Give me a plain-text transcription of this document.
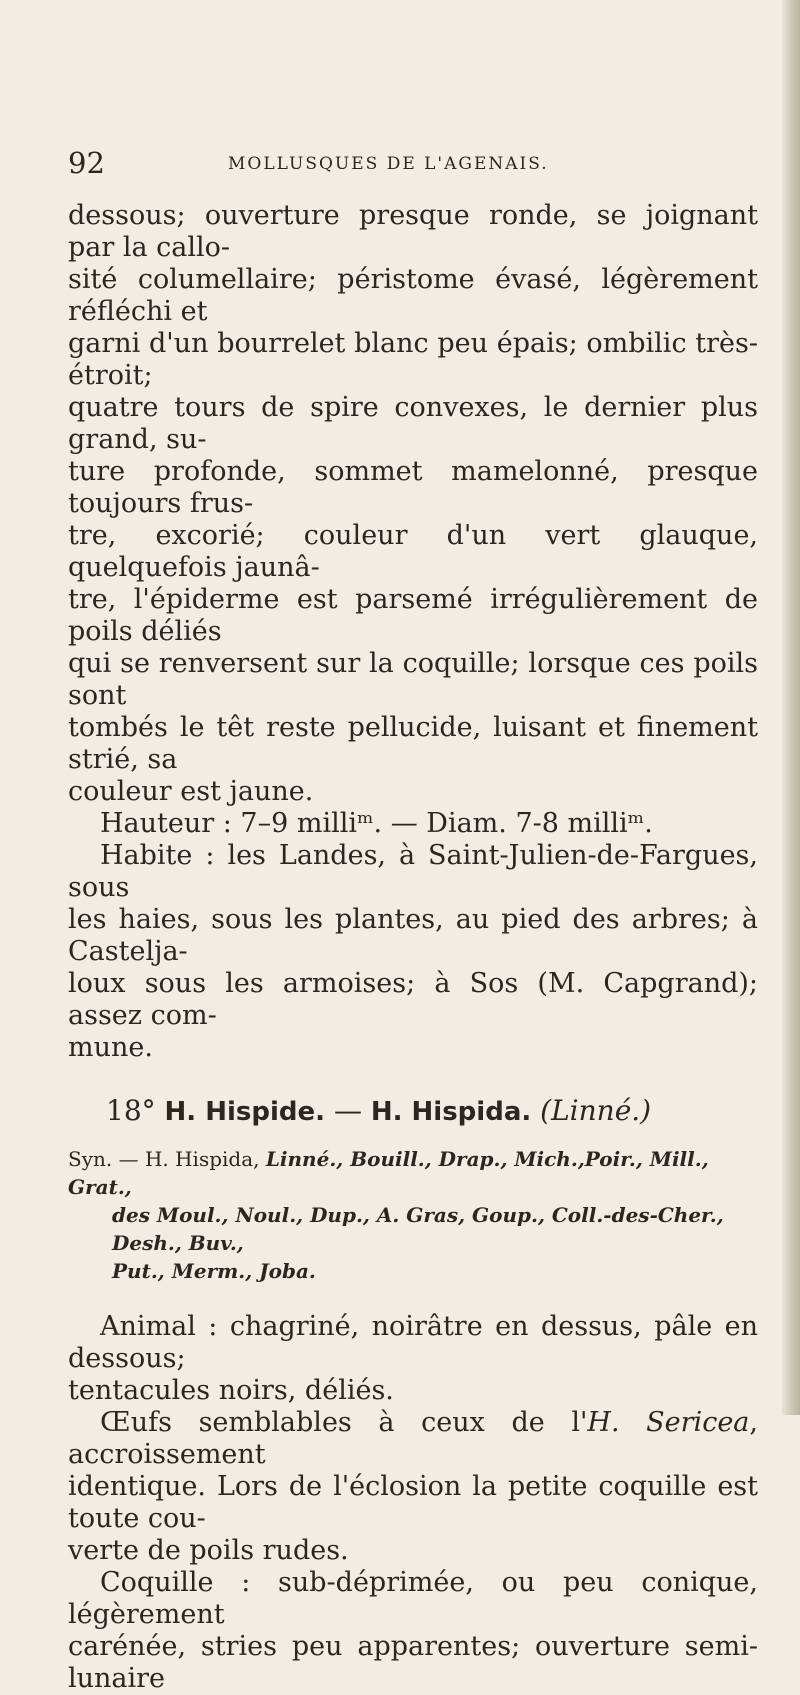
92	MOLLUSQUES DE L'AGENAIS.
dessous; ouverture presque ronde, se joignant par la callo-
sité columellaire; péristome évasé, légèrement réfléchi et
garni d'un bourrelet blanc peu épais; ombilic très-étroit;
quatre tours de spire convexes, le dernier plus grand, su-
ture profonde, sommet mamelonné, presque toujours frus-
tre, excorié; couleur d'un vert glauque, quelquefois jaunâ-
tre, l'épiderme est parsemé irrégulièrement de poils déliés
qui se renversent sur la coquille; lorsque ces poils sont
tombés le têt reste pellucide, luisant et finement strié, sa
couleur est jaune.
Hauteur : 7–9 milliᵐ. — Diam. 7-8 milliᵐ.
Habite : les Landes, à Saint-Julien-de-Fargues, sous
les haies, sous les plantes, au pied des arbres; à Castelja-
loux sous les armoises; à Sos (M. Capgrand); assez com-
mune.
18° H. Hispide. — H. Hispida. (Linné.)
Syn. — H. Hispida, Linné., Bouill., Drap., Mich.,Poir., Mill., Grat.,
des Moul., Noul., Dup., A. Gras, Goup., Coll.-des-Cher., Desh., Buv.,
Put., Merm., Joba.
Animal : chagriné, noirâtre en dessus, pâle en dessous;
tentacules noirs, déliés.
Œufs semblables à ceux de l'H. Sericea, accroissement
identique. Lors de l'éclosion la petite coquille est toute cou-
verte de poils rudes.
Coquille : sub-déprimée, ou peu conique, légèrement
carénée, stries peu apparentes; ouverture semi-lunaire
